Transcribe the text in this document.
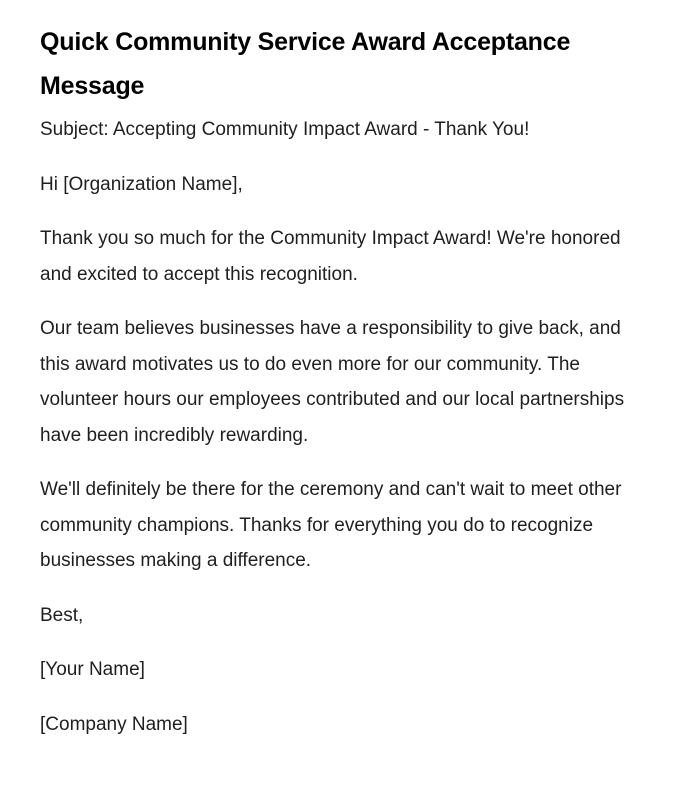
Quick Community Service Award Acceptance Message

Subject: Accepting Community Impact Award - Thank You!

Hi [Organization Name],

Thank you so much for the Community Impact Award! We're honored and excited to accept this recognition.

Our team believes businesses have a responsibility to give back, and this award motivates us to do even more for our community. The volunteer hours our employees contributed and our local partnerships have been incredibly rewarding.

We'll definitely be there for the ceremony and can't wait to meet other community champions. Thanks for everything you do to recognize businesses making a difference.

Best,

[Your Name]

[Company Name]
